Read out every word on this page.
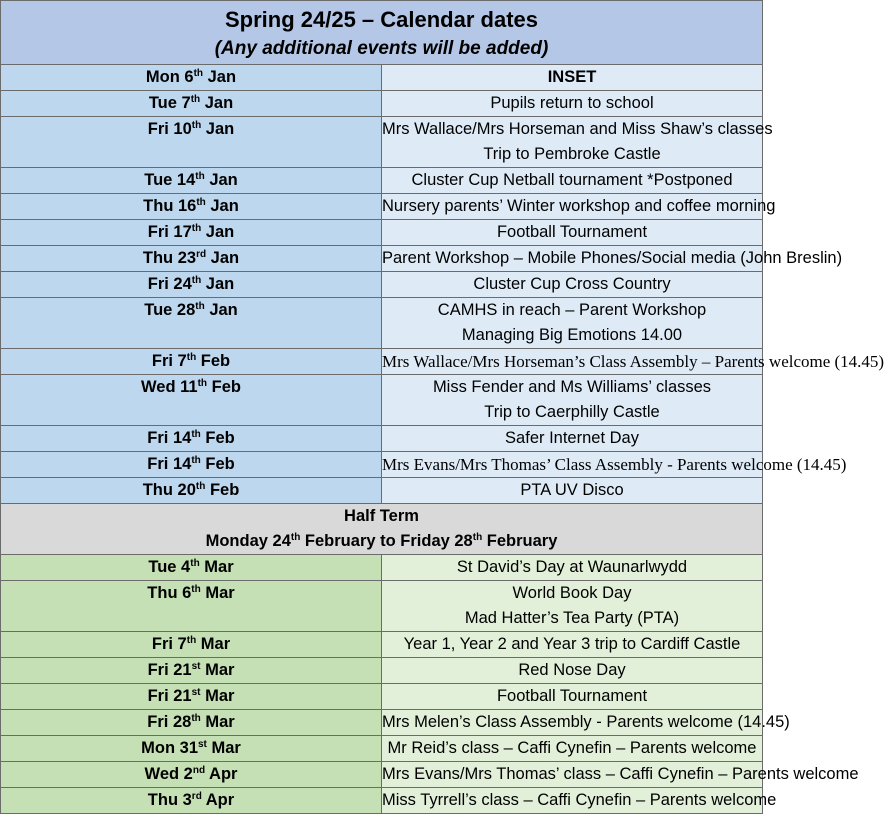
Spring 24/25 – Calendar dates
(Any additional events will be added)	

Mon 6th Jan	INSET

Tue 7th Jan	Pupils return to school

Fri 10th Jan	Mrs Wallace/Mrs Horseman and Miss Shaw’s classes
Trip to Pembroke Castle

Tue 14th Jan	Cluster Cup Netball tournament *Postponed

Thu 16th Jan	Nursery parents’ Winter workshop and coffee morning

Fri 17th Jan	Football Tournament

Thu 23rd Jan	Parent Workshop – Mobile Phones/Social media (John Breslin)

Fri 24th Jan	Cluster Cup Cross Country

Tue 28th Jan	CAMHS in reach – Parent Workshop
Managing Big Emotions 14.00

Fri 7th Feb	Mrs Wallace/Mrs Horseman’s Class Assembly – Parents welcome (14.45)

Wed 11th Feb	Miss Fender and Ms Williams’ classes
Trip to Caerphilly Castle

Fri 14th Feb	Safer Internet Day

Fri 14th Feb	Mrs Evans/Mrs Thomas’ Class Assembly - Parents welcome (14.45)

Thu 20th Feb	PTA UV Disco

Half Term
Monday 24th February to Friday 28th February	

Tue 4th Mar	St David’s Day at Waunarlwydd

Thu 6th Mar	World Book Day
Mad Hatter’s Tea Party (PTA)

Fri 7th Mar	Year 1, Year 2 and Year 3 trip to Cardiff Castle

Fri 21st Mar	Red Nose Day

Fri 21st Mar	Football Tournament

Fri 28th Mar	Mrs Melen’s Class Assembly - Parents welcome (14.45)

Mon 31st Mar	Mr Reid’s class – Caffi Cynefin – Parents welcome

Wed 2nd Apr	Mrs Evans/Mrs Thomas’ class – Caffi Cynefin – Parents welcome

Thu 3rd Apr	Miss Tyrrell’s class – Caffi Cynefin – Parents welcome
